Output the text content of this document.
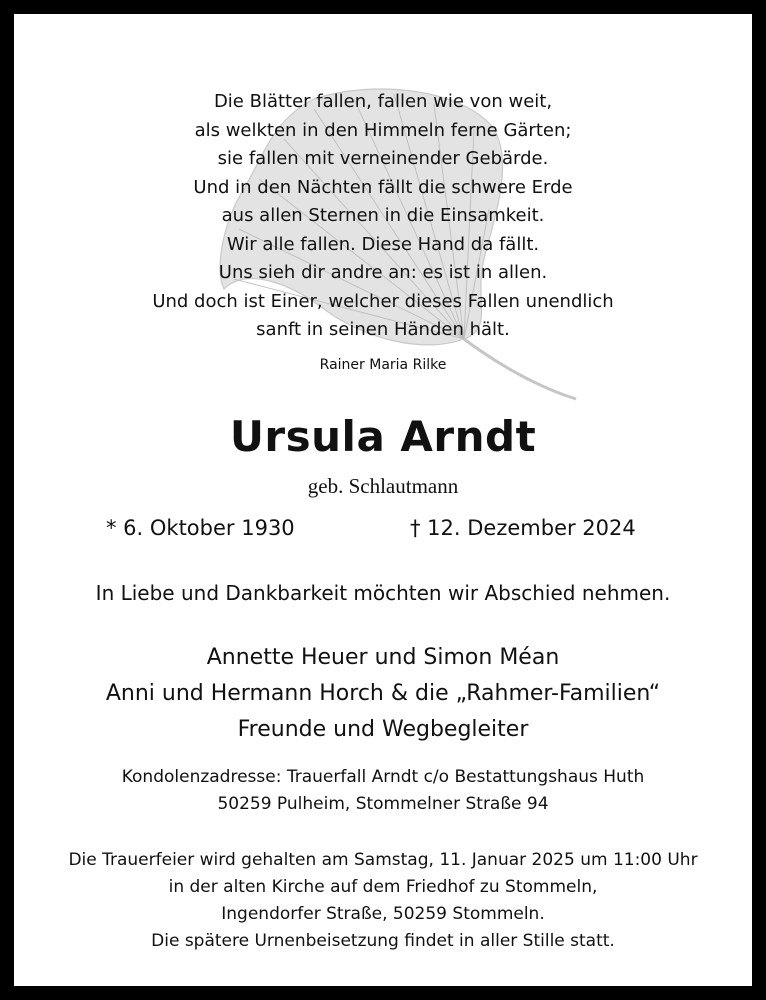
Die Blätter fallen, fallen wie von weit,
als welkten in den Himmeln ferne Gärten;
sie fallen mit verneinender Gebärde.
Und in den Nächten fällt die schwere Erde
aus allen Sternen in die Einsamkeit.
Wir alle fallen. Diese Hand da fällt.
Uns sieh dir andre an: es ist in allen.
Und doch ist Einer, welcher dieses Fallen unendlich
sanft in seinen Händen hält.
Rainer Maria Rilke
Ursula Arndt
geb. Schlautmann
* 6. Oktober 1930	† 12. Dezember 2024
In Liebe und Dankbarkeit möchten wir Abschied nehmen.
Annette Heuer und Simon Méan
Anni und Hermann Horch & die „Rahmer-Familien“
Freunde und Wegbegleiter
Kondolenzadresse: Trauerfall Arndt c/o Bestattungshaus Huth
50259 Pulheim, Stommelner Straße 94
Die Trauerfeier wird gehalten am Samstag, 11. Januar 2025 um 11:00 Uhr
in der alten Kirche auf dem Friedhof zu Stommeln,
Ingendorfer Straße, 50259 Stommeln.
Die spätere Urnenbeisetzung findet in aller Stille statt.
